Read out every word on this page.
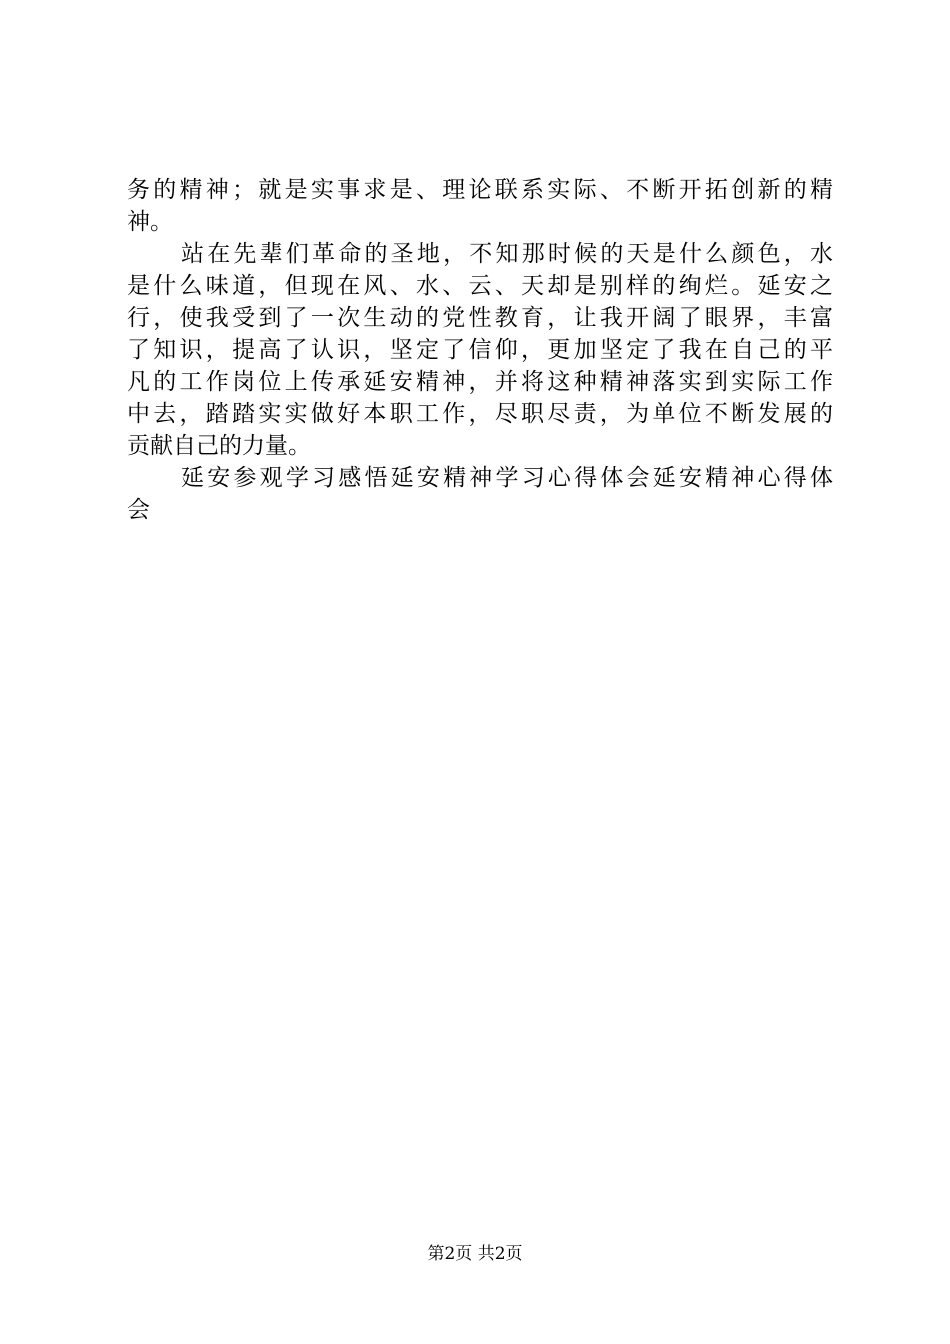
务的精神；就是实事求是、理论联系实际、不断开拓创新的精
神。
站在先辈们革命的圣地，不知那时候的天是什么颜色，水
是什么味道，但现在风、水、云、天却是别样的绚烂。延安之
行，使我受到了一次生动的党性教育，让我开阔了眼界，丰富
了知识，提高了认识，坚定了信仰，更加坚定了我在自己的平
凡的工作岗位上传承延安精神，并将这种精神落实到实际工作
中去，踏踏实实做好本职工作，尽职尽责，为单位不断发展的
贡献自己的力量。
延安参观学习感悟延安精神学习心得体会延安精神心得体
会
第2页 共2页
